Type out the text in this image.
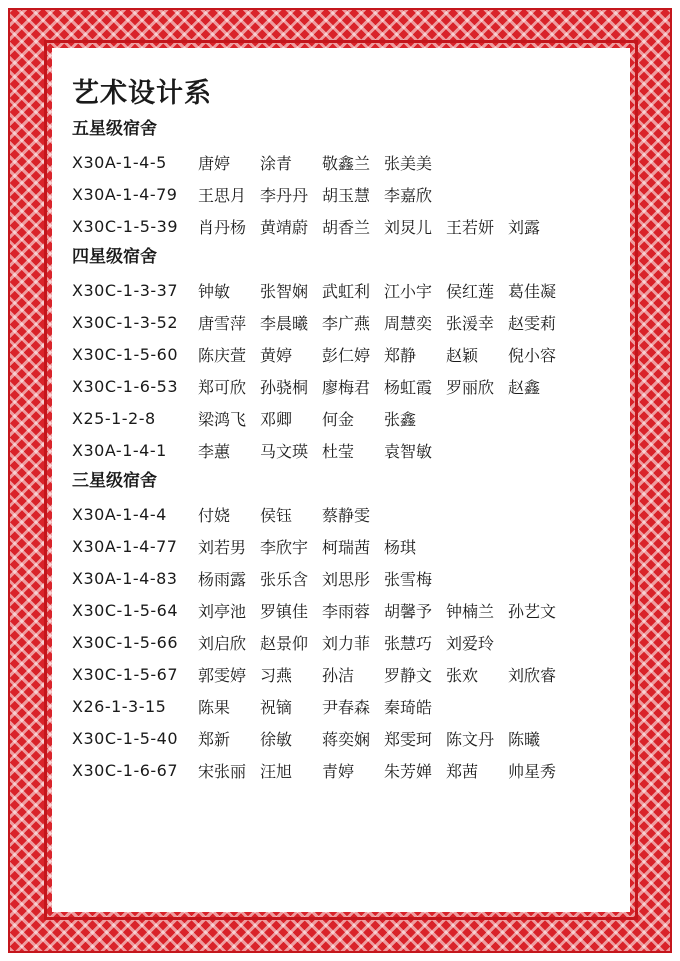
艺术设计系
五星级宿舍
X30A-1-4-5	唐婷	涂青	敬鑫兰 张美美
X30A-1-4-79	王思月 李丹丹 胡玉慧 李嘉欣
X30C-1-5-39	肖丹杨 黄靖蔚 胡香兰 刘炅儿 王若妍 刘露
四星级宿舍
X30C-1-3-37	钟敏	张智娴 武虹利 江小宇 侯红莲 葛佳凝
X30C-1-3-52	唐雪萍 李晨曦 李广燕 周慧奕 张湲幸 赵雯莉
X30C-1-5-60	陈庆萱 黄婷	彭仁婷 郑静	赵颖	倪小容
X30C-1-6-53	郑可欣 孙骁桐 廖梅君 杨虹霞 罗丽欣 赵鑫
X25-1-2-8	梁鸿飞 邓卿	何金	张鑫
X30A-1-4-1	李蕙	马文瑛 杜莹	袁智敏
三星级宿舍
X30A-1-4-4	付娆	侯钰	蔡静雯
X30A-1-4-77	刘若男 李欣宇 柯瑞茜 杨琪
X30A-1-4-83	杨雨露 张乐含 刘思彤 张雪梅
X30C-1-5-64	刘亭池 罗镇佳 李雨蓉 胡馨予 钟楠兰 孙艺文
X30C-1-5-66	刘启欣 赵景仰 刘力菲 张慧巧 刘爱玲
X30C-1-5-67	郭雯婷 习燕	孙洁	罗静文 张欢	刘欣睿
X26-1-3-15	陈果	祝镝	尹春森 秦琦皓
X30C-1-5-40	郑新	徐敏	蒋奕娴 郑雯珂 陈文丹 陈曦
X30C-1-6-67	宋张丽 汪旭	青婷	朱芳婵 郑茜	帅星秀
